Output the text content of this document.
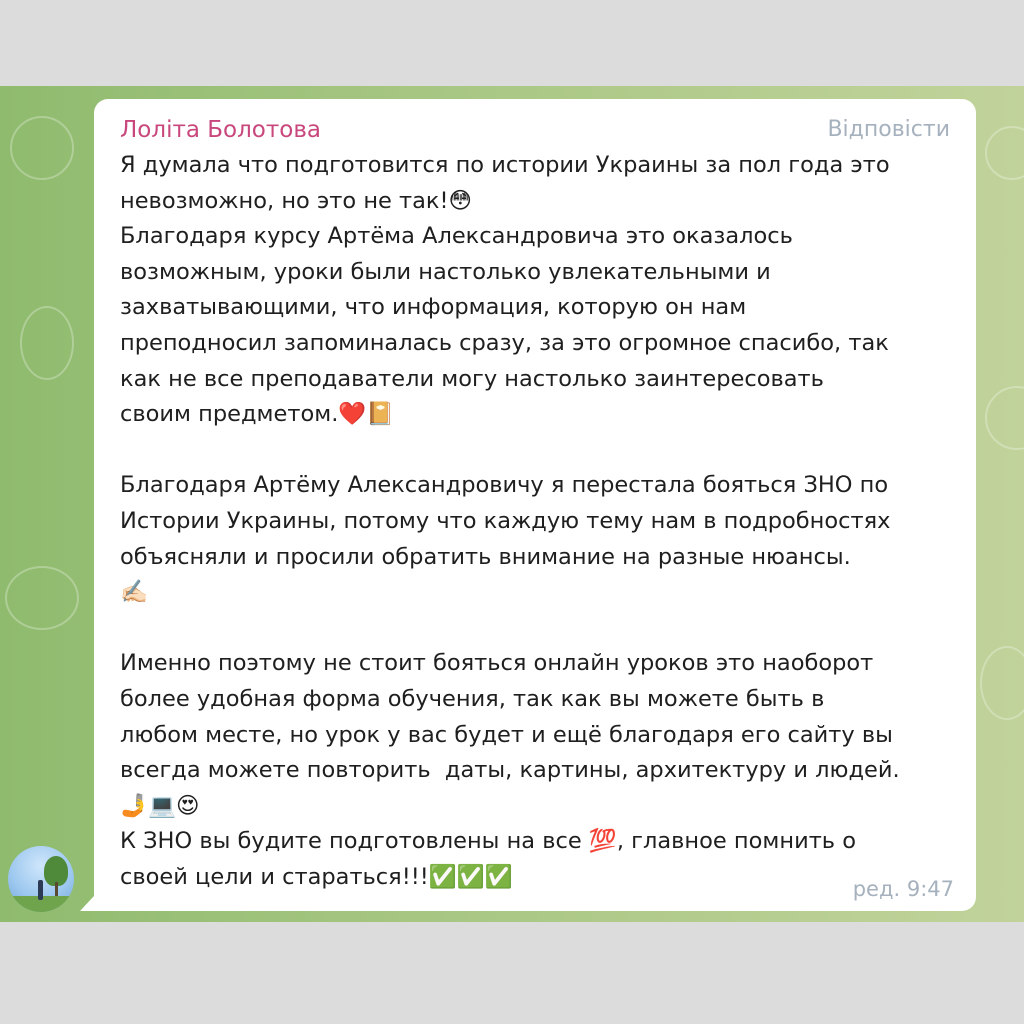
Лоліта Болотова	Відповісти
Я думала что подготовится по истории Украины за пол года это
невозможно, но это не так!😳
Благодаря курсу Артёма Александровича это оказалось
возможным, уроки были настолько увлекательными и
захватывающими, что информация, которую он нам
преподносил запоминалась сразу, за это огромное спасибо, так
как не все преподаватели могу настолько заинтересовать
своим предметом.❤️📔

Благодаря Артёму Александровичу я перестала бояться ЗНО по
Истории Украины, потому что каждую тему нам в подробностях
объясняли и просили обратить внимание на разные нюансы.
✍🏻

Именно поэтому не стоит бояться онлайн уроков это наоборот
более удобная форма обучения, так как вы можете быть в
любом месте, но урок у вас будет и ещё благодаря его сайту вы
всегда можете повторить  даты, картины, архитектуру и людей.
🤳💻😍
К ЗНО вы будите подготовлены на все 💯, главное помнить о
своей цели и стараться!!!✅✅✅	ред. 9:47
